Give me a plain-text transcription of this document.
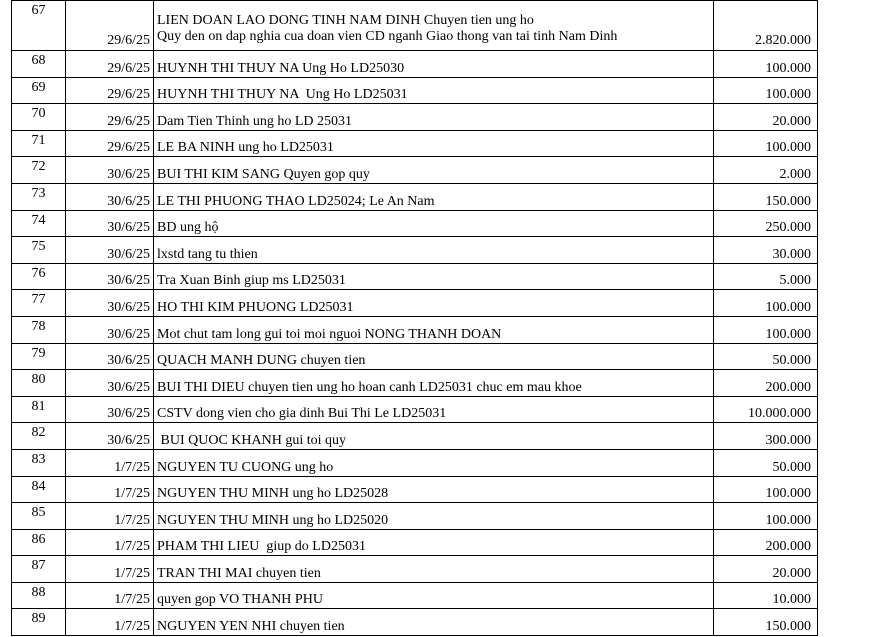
67	29/6/25	LIEN DOAN LAO DONG TINH NAM DINH Chuyen tien ung ho
Quy den on dap nghia cua doan vien CD nganh Giao thong van tai tinh Nam Dinh	2.820.000
68	29/6/25	HUYNH THI THUY NA Ung Ho LD25030	100.000
69	29/6/25	HUYNH THI THUY NA  Ung Ho LD25031	100.000
70	29/6/25	Dam Tien Thinh ung ho LD 25031	20.000
71	29/6/25	LE BA NINH ung ho LD25031	100.000
72	30/6/25	BUI THI KIM SANG Quyen gop quy	2.000
73	30/6/25	LE THI PHUONG THAO LD25024; Le An Nam	150.000
74	30/6/25	BD ung hộ	250.000
75	30/6/25	lxstd tang tu thien	30.000
76	30/6/25	Tra Xuan Binh giup ms LD25031	5.000
77	30/6/25	HO THI KIM PHUONG LD25031	100.000
78	30/6/25	Mot chut tam long gui toi moi nguoi NONG THANH DOAN	100.000
79	30/6/25	QUACH MANH DUNG chuyen tien	50.000
80	30/6/25	BUI THI DIEU chuyen tien ung ho hoan canh LD25031 chuc em mau khoe	200.000
81	30/6/25	CSTV dong vien cho gia dinh Bui Thi Le LD25031	10.000.000
82	30/6/25	BUI QUOC KHANH gui toi quy	300.000
83	1/7/25	NGUYEN TU CUONG ung ho	50.000
84	1/7/25	NGUYEN THU MINH ung ho LD25028	100.000
85	1/7/25	NGUYEN THU MINH ung ho LD25020	100.000
86	1/7/25	PHAM THI LIEU  giup do LD25031	200.000
87	1/7/25	TRAN THI MAI chuyen tien	20.000
88	1/7/25	quyen gop VO THANH PHU	10.000
89	1/7/25	NGUYEN YEN NHI chuyen tien	150.000
